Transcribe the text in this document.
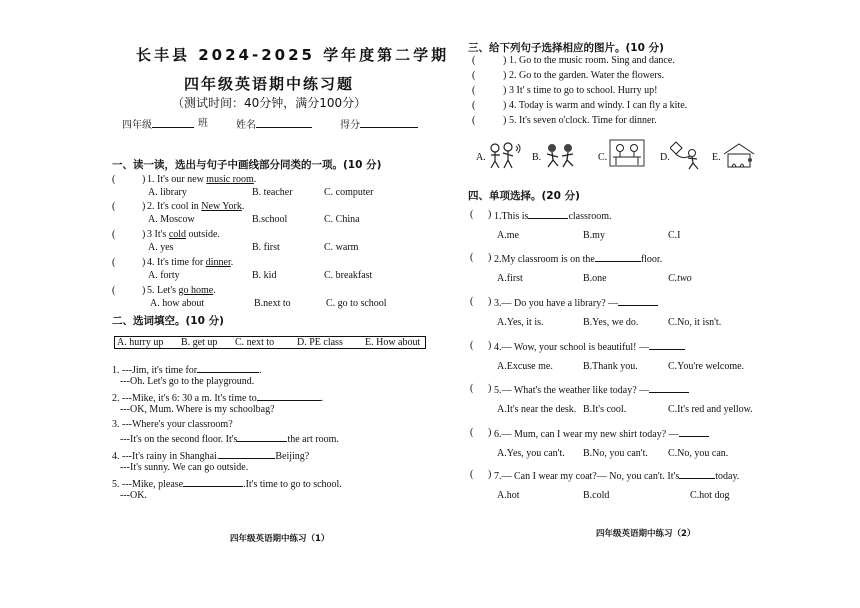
长丰县 2024-2025 学年度第二学期
四年级英语期中练习题
（测试时间：40分钟，满分100分）
四年级	班	姓名	得分
一、读一读，选出与句子中画线部分同类的一项。(10 分)
(	) 1. It's our new music room.
A. library	B. teacher	C. computer
(	) 2. It's cool in New York.
A. Moscow	B.school	C. China
(	) 3 It's cold outside.
A. yes	B. first	C. warm
(	) 4. It's time for dinner.
A. forty	B. kid	C. breakfast
(	) 5. Let's go home.
A. how about	B.next to	C. go to school
二、选词填空。(10 分)
A. hurry up B. get up C. next to D. PE class E. How about
1. ---Jim, it's time for	.
---Oh. Let's go to the playground.
2. ---Mike, it's 6: 30 a m. It's time to	.
---OK, Mum. Where is my schoolbag?
3. ---Where's your classroom?
---It's on the second floor. It's	the art room.
4. ---It's rainy in Shanghai.	Beijing?
---It's sunny. We can go outside.
5. ---Mike, please	.It's time to go to school.
---OK.
四年级英语期中练习（1）
三、给下列句子选择相应的图片。(10 分)
(	) 1. Go to the music room. Sing and dance.
(	) 2. Go to the garden. Water the flowers.
(	) 3 It' s time to go to school. Hurry up!
(	) 4. Today is warm and windy. I can fly a kite.
(	) 5. It's seven o'clock. Time for dinner.
A.	B.	C.	D.	E.
四、单项选择。(20 分)
( ) 1.This is	classroom.
A.me	B.my	C.I
( ) 2.My classroom is on the	floor.
A.first	B.one	C.two
( ) 3.— Do you have a library? —
A.Yes, it is.	B.Yes, we do.	C.No, it isn't.
( ) 4.— Wow, your school is beautiful! —
A.Excuse me.	B.Thank you.	C.You're welcome.
( ) 5.— What's the weather like today? —
A.It's near the desk. B.It's cool.	C.It's red and yellow.
( ) 6.— Mum, can I wear my new shirt today? —
A.Yes, you can't. B.No, you can't. C.No, you can.
( ) 7.— Can I wear my coat?— No, you can't. It's	today.
A.hot	B.cold	C.hot dog
四年级英语期中练习（2）
